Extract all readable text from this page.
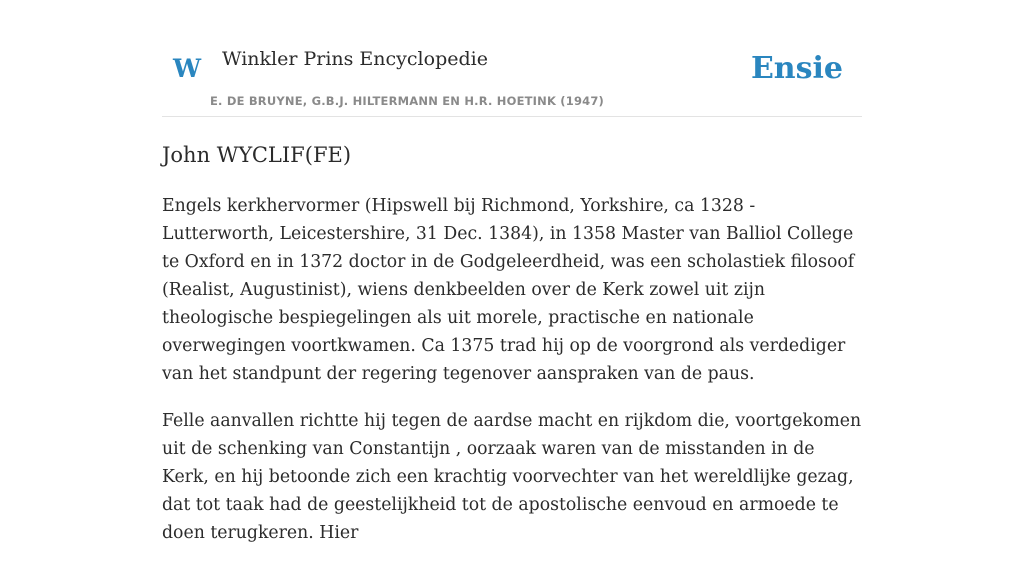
W Winkler Prins Encyclopedie
E. DE BRUYNE, G.B.J. HILTERMANN EN H.R. HOETINK (1947)
Ensie
John WYCLIF(FE)

Engels kerkhervormer (Hipswell bij Richmond, Yorkshire, ca 1328 - Lutterworth, Leicestershire, 31 Dec. 1384), in 1358 Master van Balliol College te Oxford en in 1372 doctor in de Godgeleerdheid, was een scholastiek filosoof (Realist, Augustinist), wiens denkbeelden over de Kerk zowel uit zijn theologische bespiegelingen als uit morele, practische en nationale overwegingen voortkwamen. Ca 1375 trad hij op de voorgrond als verdediger van het standpunt der regering tegenover aanspraken van de paus.

Felle aanvallen richtte hij tegen de aardse macht en rijkdom die, voortgekomen uit de schenking van Constantijn , oorzaak waren van de misstanden in de Kerk, en hij betoonde zich een krachtig voorvechter van het wereldlijke gezag, dat tot taak had de geestelijkheid tot de apostolische eenvoud en armoede te doen terugkeren. Hier
